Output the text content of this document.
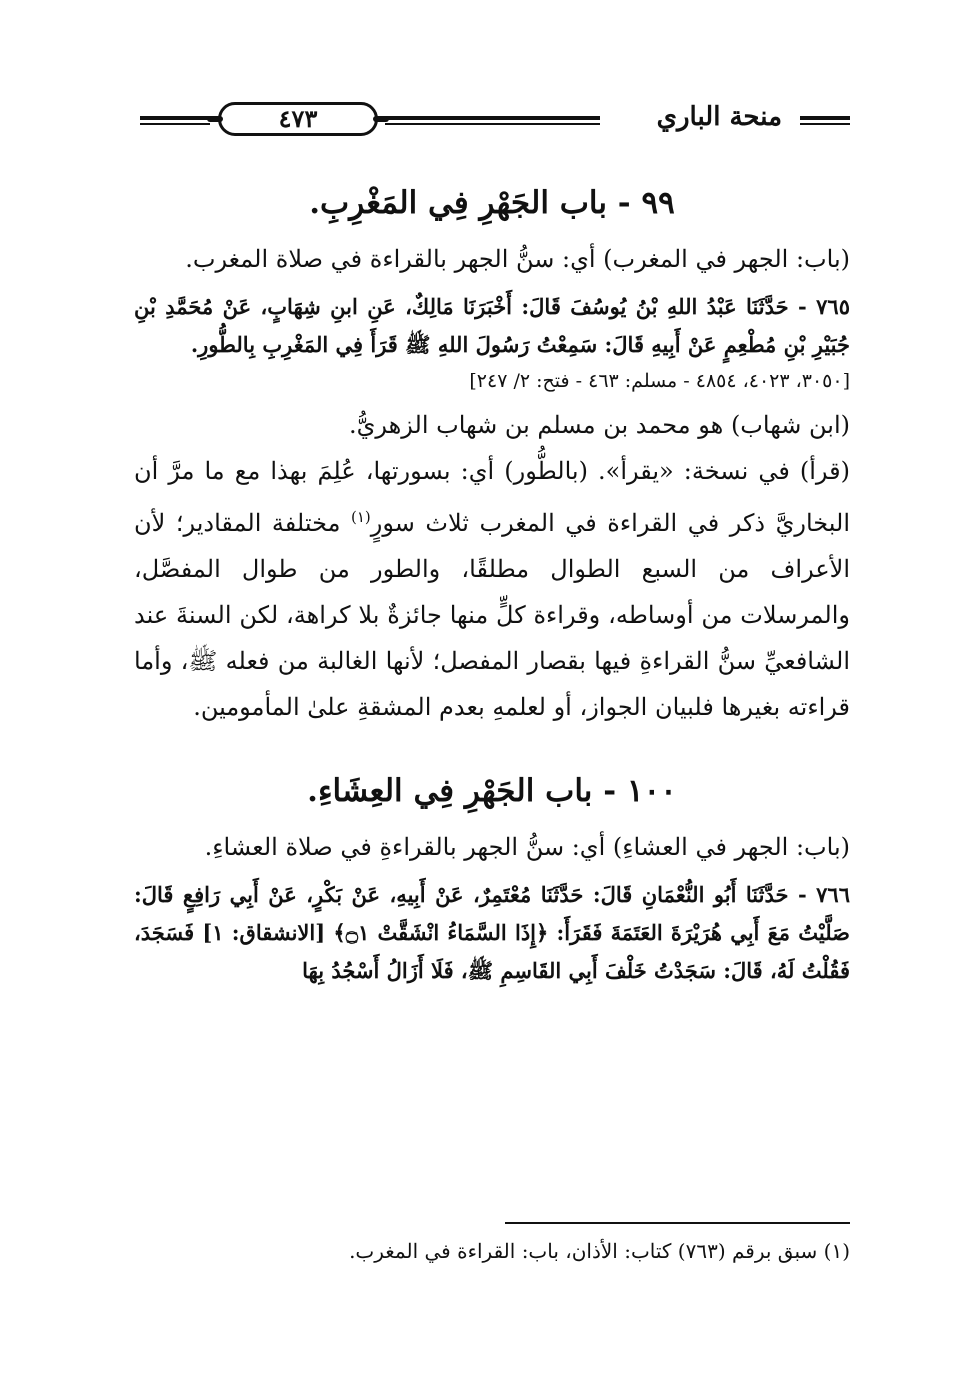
منحة الباري
٤٧٣
٩٩ - باب الجَهْرِ فِي المَغْرِبِ.

(باب: الجهر في المغرب) أي: سنُّ الجهر بالقراءة في صلاة المغرب.

٧٦٥ - حَدَّثَنَا عَبْدُ اللهِ بْنُ يُوسُفَ قَالَ: أَخْبَرَنَا مَالِكٌ، عَنِ ابنِ شِهَابٍ، عَنْ مُحَمَّدِ بْنِ جُبَيْرِ بْنِ مُطْعِمٍ عَنْ أَبِيهِ قَالَ: سَمِعْتُ رَسُولَ اللهِ ﷺ قَرَأَ فِي المَغْرِبِ بِالطُّورِ.

[٣٠٥٠، ٤٠٢٣، ٤٨٥٤ - مسلم: ٤٦٣ - فتح: ٢/ ٢٤٧]

(ابن شهاب) هو محمد بن مسلم بن شهاب الزهريُّ.

(قرأ) في نسخة: «يقرأ». (بالطُّور) أي: بسورتها، عُلِمَ بهذا مع ما مرَّ أن البخاريَّ ذكر في القراءة في المغرب ثلاث سورٍ$^{(١)}$ مختلفة المقادير؛ لأن الأعراف من السبع الطوال مطلقًا، والطور من طوال المفصَّل، والمرسلات من أوساطه، وقراءة كلٍّ منها جائزةٌ بلا كراهة، لكن السنةَ عند الشافعيِّ سنُّ القراءةِ فيها بقصار المفصل؛ لأنها الغالبة من فعله ﷺ، وأما قراءته بغيرها فلبيان الجواز، أو لعلمهِ بعدم المشقةِ علىٰ المأمومين.

١٠٠ - باب الجَهْرِ فِي العِشَاءِ.

(باب: الجهر في العشاءِ) أي: سنُّ الجهر بالقراءةِ في صلاة العشاءِ.

٧٦٦ - حَدَّثَنَا أَبُو النُّعْمَانِ قَالَ: حَدَّثَنَا مُعْتَمِرٌ، عَنْ أَبِيهِ، عَنْ بَكْرٍ، عَنْ أَبِي رَافِعٍ قَالَ: صَلَّيْتُ مَعَ أَبِي هُرَيْرَةَ العَتَمَةَ فَقَرَأَ: ﴿إِذَا السَّمَاءُ انْشَقَّتْ ۝١﴾ [الانشقاق: ١] فَسَجَدَ، فَقُلْتُ لَهُ، قَالَ: سَجَدْتُ خَلْفَ أَبِي القَاسِمِ ﷺ، فَلَا أَزَالُ أَسْجُدُ بِهَا

(١) سبق برقم (٧٦٣) كتاب: الأذان، باب: القراءة في المغرب.
